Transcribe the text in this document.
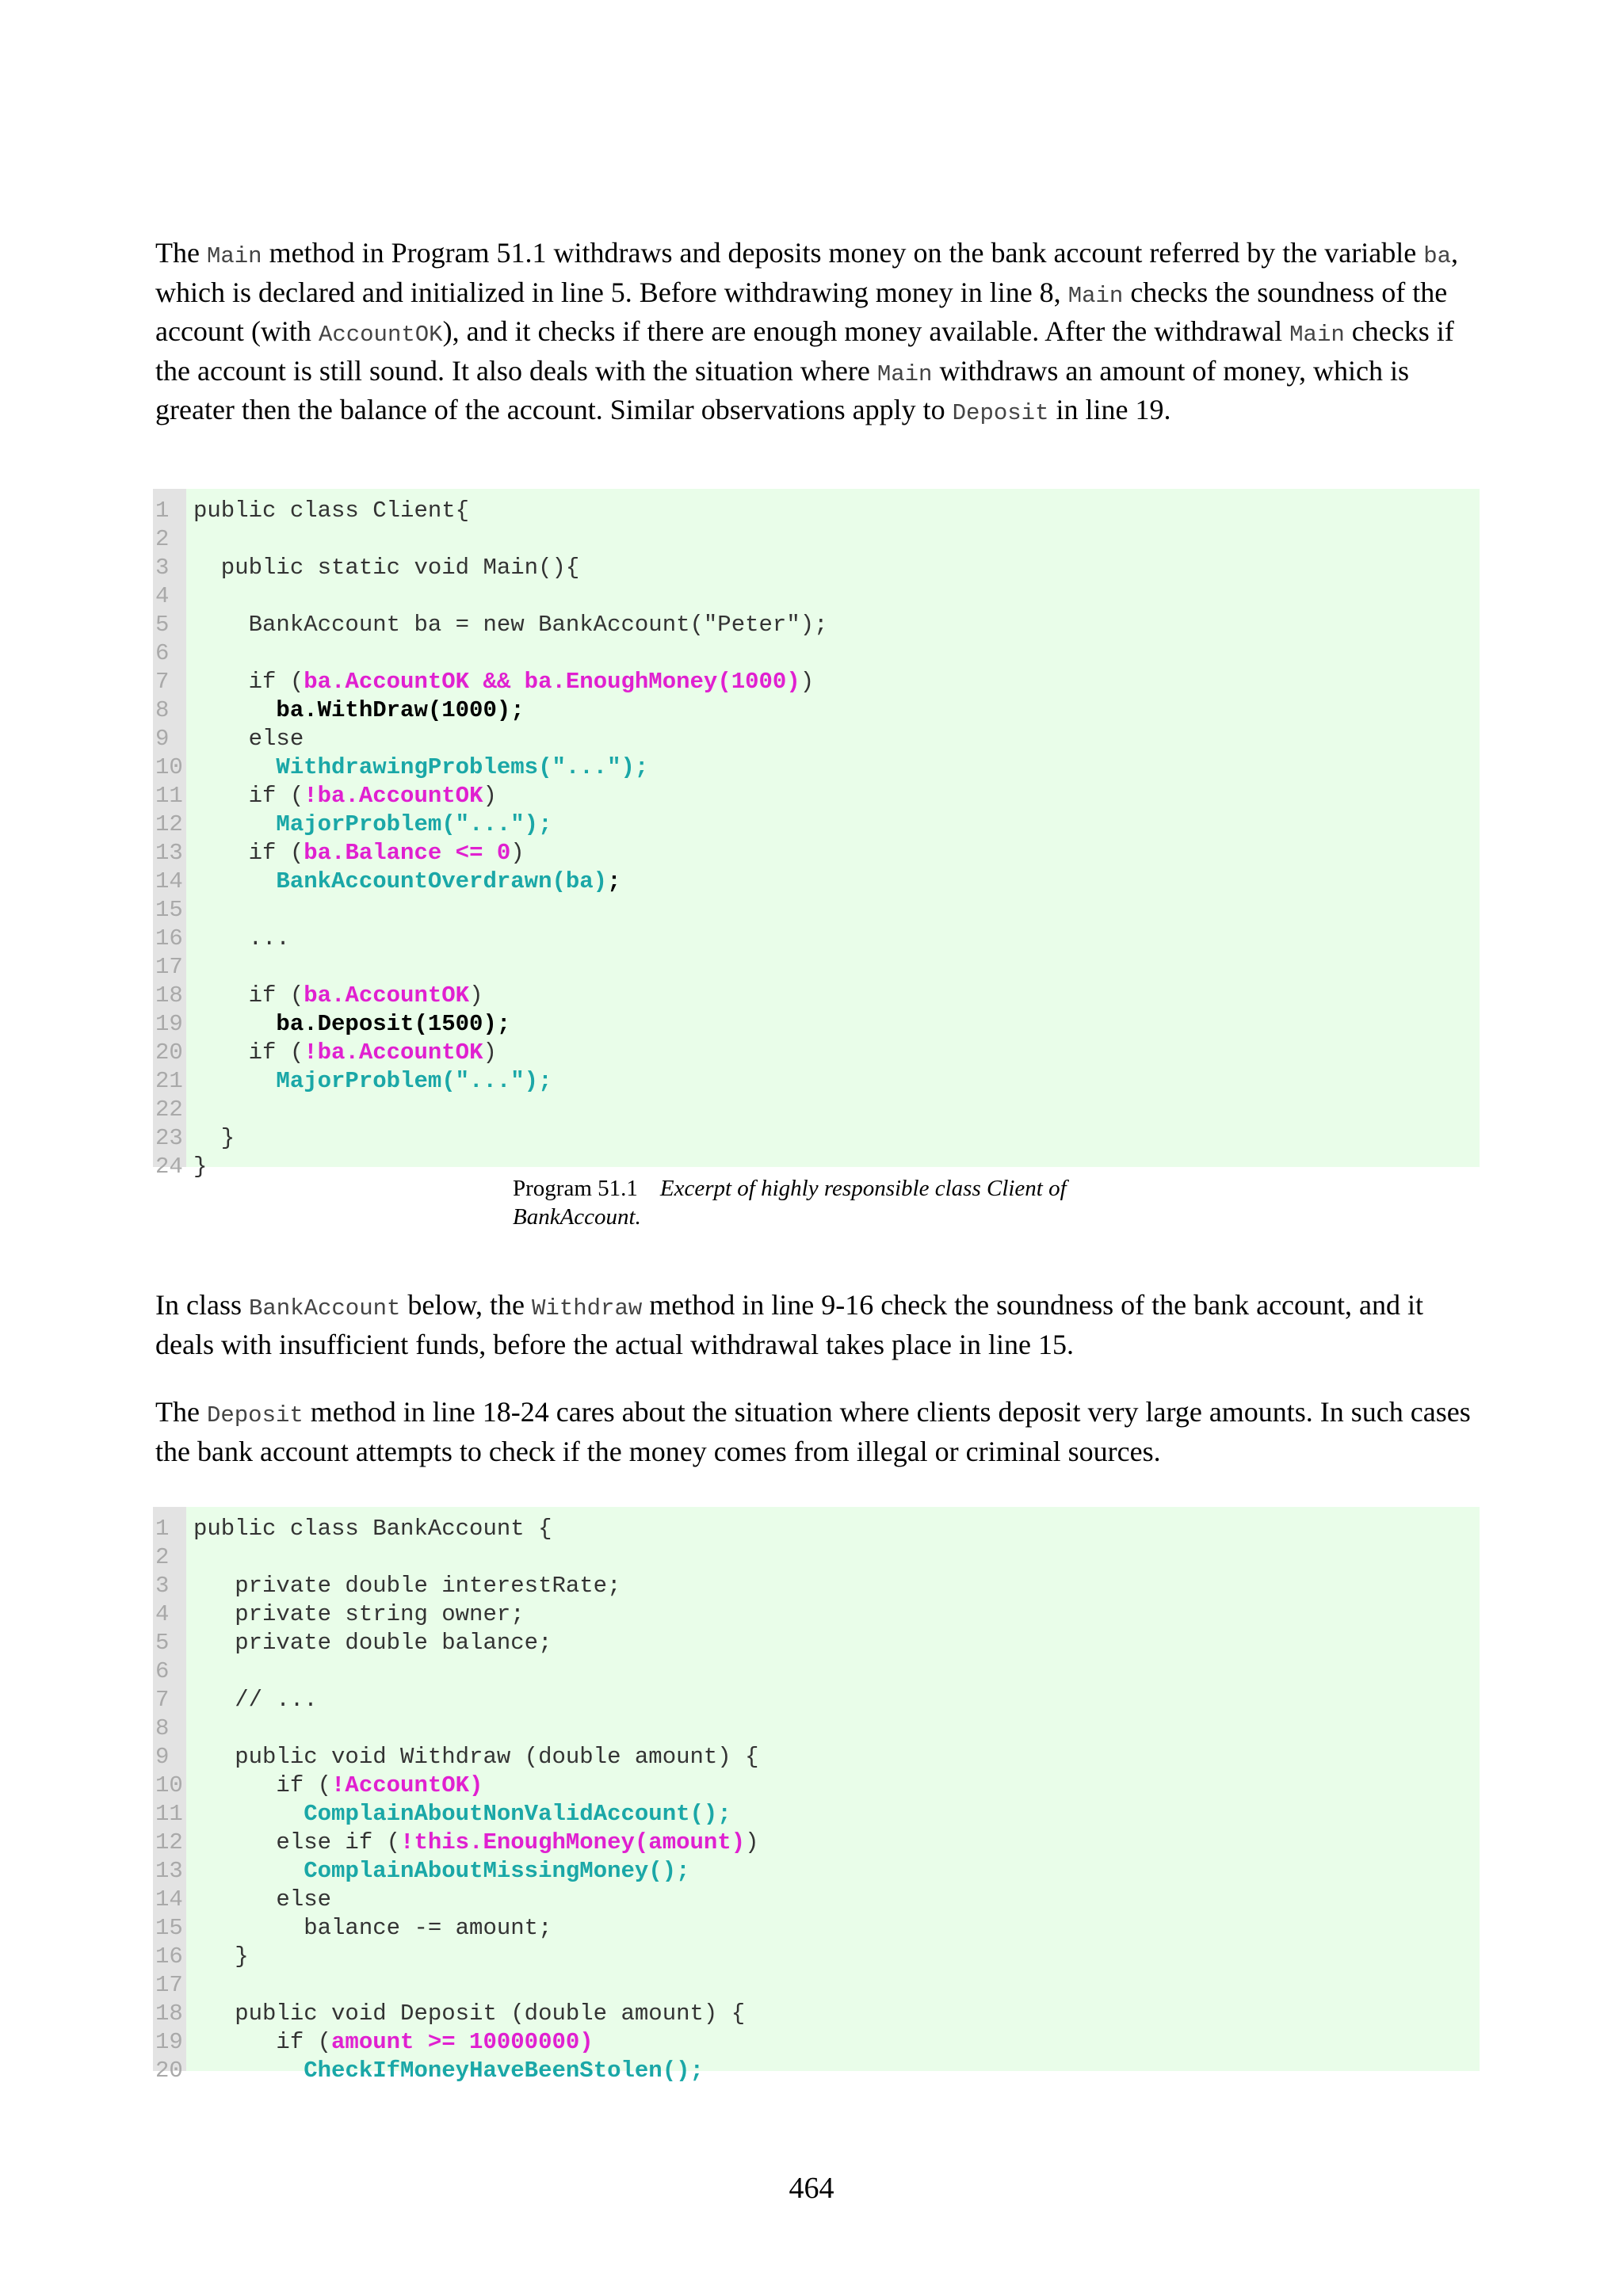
The Main method in Program 51.1 withdraws and deposits money on the bank account referred by the variable ba, which is declared and initialized in line 5. Before withdrawing money in line 8, Main checks the soundness of the account (with AccountOK), and it checks if there are enough money available. After the withdrawal Main checks if the account is still sound. It also deals with the situation where Main withdraws an amount of money, which is greater then the balance of the account. Similar observations apply to Deposit in line 19.

1 public class Client{
2
3 public static void Main(){
4
5 BankAccount ba = new BankAccount("Peter");
6
7 if (ba.AccountOK && ba.EnoughMoney(1000))
8	ba.WithDraw(1000);
9 else
10	WithdrawingProblems("...");
11 if (!ba.AccountOK)
12	MajorProblem("...");
13 if (ba.Balance <= 0)
14	BankAccountOverdrawn(ba);
15
16 ...
17
18 if (ba.AccountOK)
19	ba.Deposit(1500);
20 if (!ba.AccountOK)
21	MajorProblem("...");
22
23 }
24 }
Program 51.1 Excerpt of highly responsible class Client of BankAccount.

In class BankAccount below, the Withdraw method in line 9-16 check the soundness of the bank account, and it deals with insufficient funds, before the actual withdrawal takes place in line 15.

The Deposit method in line 18-24 cares about the situation where clients deposit very large amounts. In such cases the bank account attempts to check if the money comes from illegal or criminal sources.

1 public class BankAccount {
2
3 private double interestRate;
4 private string owner;
5 private double balance;
6
7 // ...
8
9 public void Withdraw (double amount) {
10 if (!AccountOK)
11	ComplainAboutNonValidAccount();
12 else if (!this.EnoughMoney(amount))
13	ComplainAboutMissingMoney();
14 else
15 balance -= amount;
16 }
17
18 public void Deposit (double amount) {
19 if (amount >= 10000000)
20	CheckIfMoneyHaveBeenStolen();
464
